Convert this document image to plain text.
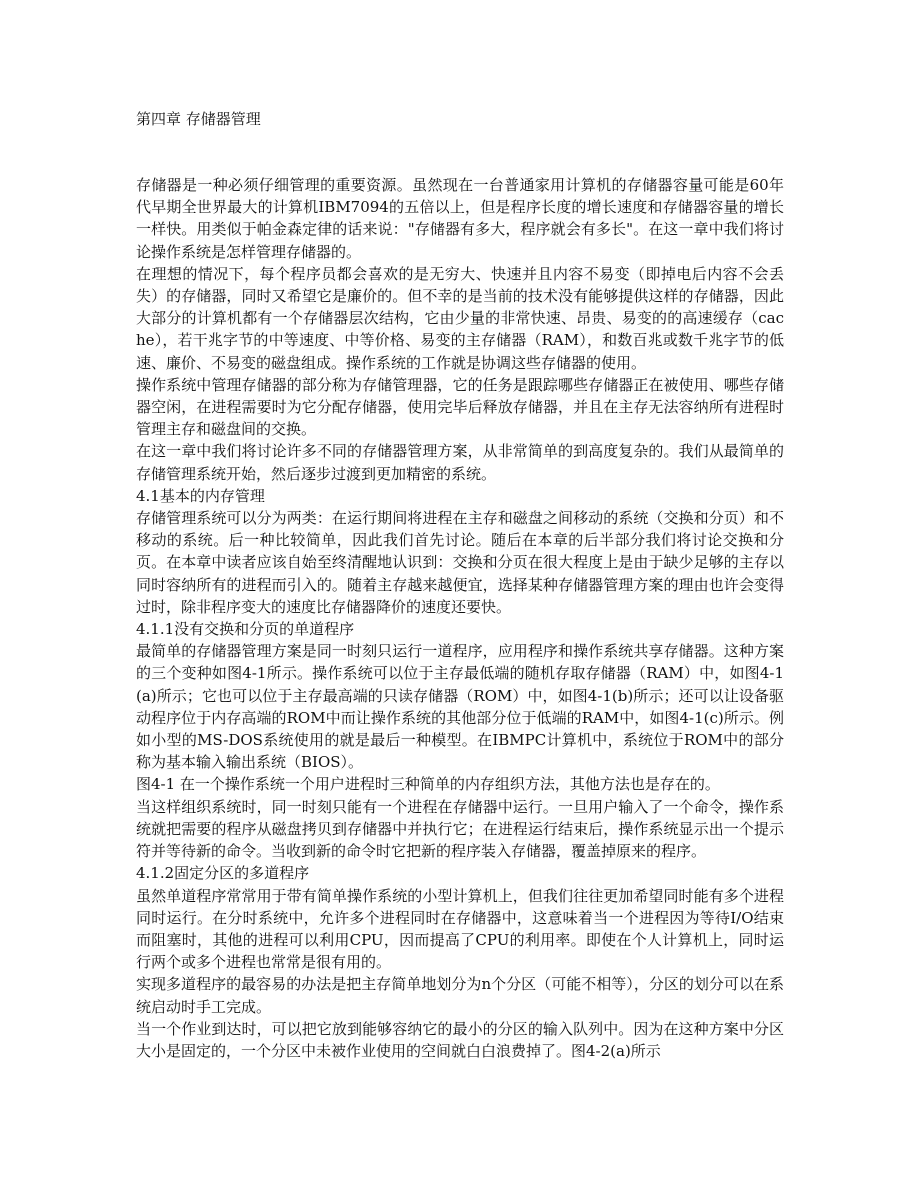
第四章 存储器管理

存储器是一种必须仔细管理的重要资源。虽然现在一台普通家用计算机的存储器容量可能是60年代早期全世界最大的计算机IBM7094的五倍以上，但是程序长度的增长速度和存储器容量的增长一样快。用类似于帕金森定律的话来说："存储器有多大，程序就会有多长"。在这一章中我们将讨论操作系统是怎样管理存储器的。

在理想的情况下，每个程序员都会喜欢的是无穷大、快速并且内容不易变（即掉电后内容不会丢失）的存储器，同时又希望它是廉价的。但不幸的是当前的技术没有能够提供这样的存储器，因此大部分的计算机都有一个存储器层次结构，它由少量的非常快速、昂贵、易变的的高速缓存（cache），若干兆字节的中等速度、中等价格、易变的主存储器（RAM），和数百兆或数千兆字节的低速、廉价、不易变的磁盘组成。操作系统的工作就是协调这些存储器的使用。

操作系统中管理存储器的部分称为存储管理器，它的任务是跟踪哪些存储器正在被使用、哪些存储器空闲，在进程需要时为它分配存储器，使用完毕后释放存储器，并且在主存无法容纳所有进程时管理主存和磁盘间的交换。

在这一章中我们将讨论许多不同的存储器管理方案，从非常简单的到高度复杂的。我们从最简单的存储管理系统开始，然后逐步过渡到更加精密的系统。

4.1基本的内存管理

存储管理系统可以分为两类：在运行期间将进程在主存和磁盘之间移动的系统（交换和分页）和不移动的系统。后一种比较简单，因此我们首先讨论。随后在本章的后半部分我们将讨论交换和分页。在本章中读者应该自始至终清醒地认识到：交换和分页在很大程度上是由于缺少足够的主存以同时容纳所有的进程而引入的。随着主存越来越便宜，选择某种存储器管理方案的理由也许会变得过时，除非程序变大的速度比存储器降价的速度还要快。

4.1.1没有交换和分页的单道程序

最简单的存储器管理方案是同一时刻只运行一道程序，应用程序和操作系统共享存储器。这种方案的三个变种如图4-1所示。操作系统可以位于主存最低端的随机存取存储器（RAM）中，如图4-1(a)所示；它也可以位于主存最高端的只读存储器（ROM）中，如图4-1(b)所示；还可以让设备驱动程序位于内存高端的ROM中而让操作系统的其他部分位于低端的RAM中，如图4-1(c)所示。例如小型的MS-DOS系统使用的就是最后一种模型。在IBMPC计算机中，系统位于ROM中的部分称为基本输入输出系统（BIOS）。

图4-1 在一个操作系统一个用户进程时三种简单的内存组织方法，其他方法也是存在的。

当这样组织系统时，同一时刻只能有一个进程在存储器中运行。一旦用户输入了一个命令，操作系统就把需要的程序从磁盘拷贝到存储器中并执行它；在进程运行结束后，操作系统显示出一个提示符并等待新的命令。当收到新的命令时它把新的程序装入存储器，覆盖掉原来的程序。

4.1.2固定分区的多道程序

虽然单道程序常常用于带有简单操作系统的小型计算机上，但我们往往更加希望同时能有多个进程同时运行。在分时系统中，允许多个进程同时在存储器中，这意味着当一个进程因为等待I/O结束而阻塞时，其他的进程可以利用CPU，因而提高了CPU的利用率。即使在个人计算机上，同时运行两个或多个进程也常常是很有用的。

实现多道程序的最容易的办法是把主存简单地划分为n个分区（可能不相等），分区的划分可以在系统启动时手工完成。

当一个作业到达时，可以把它放到能够容纳它的最小的分区的输入队列中。因为在这种方案中分区大小是固定的，一个分区中未被作业使用的空间就白白浪费掉了。图4-2(a)所示
